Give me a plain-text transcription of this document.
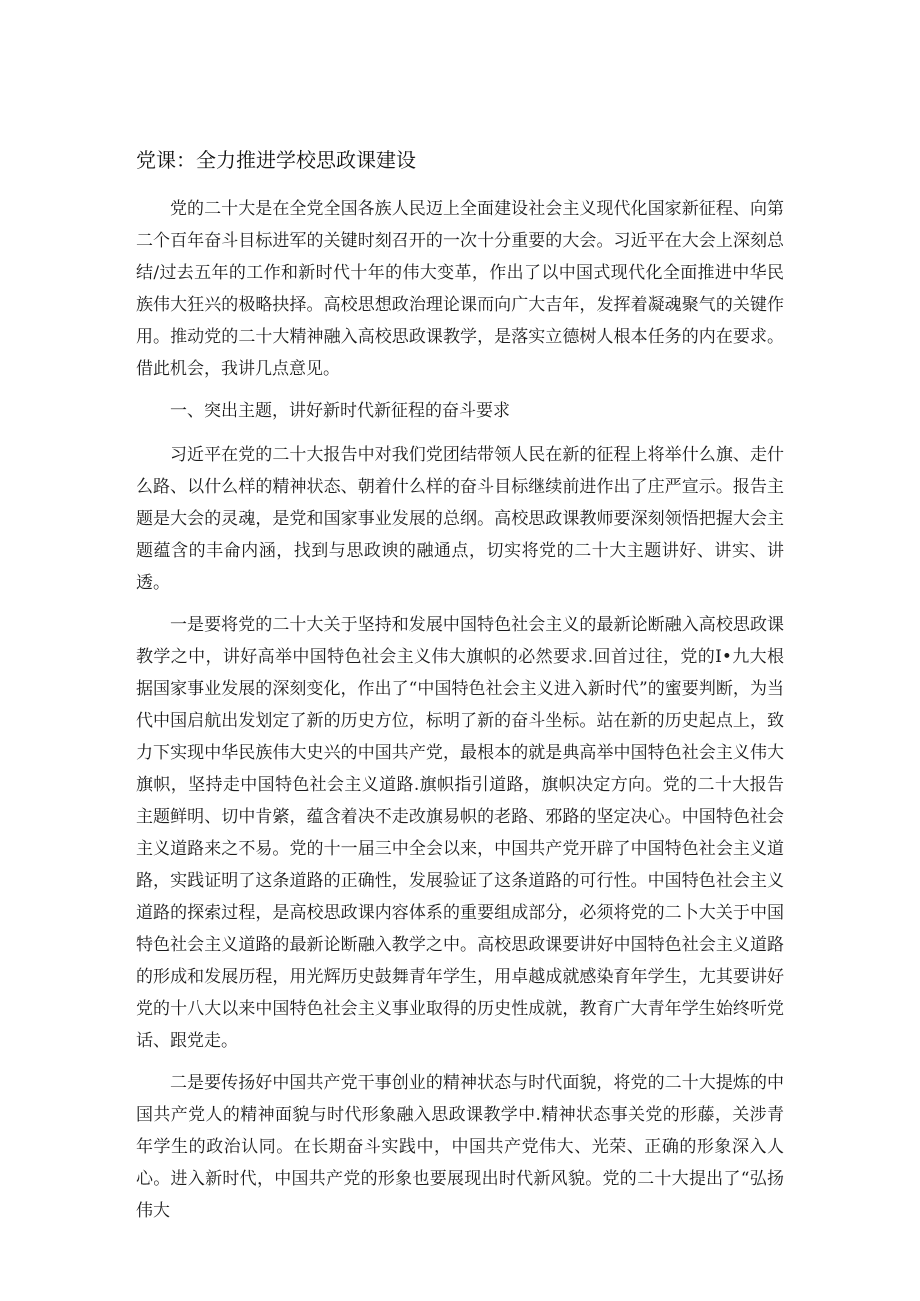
党课：全力推进学校思政课建设

党的二十大是在全党全国各族人民迈上全面建设社会主义现代化国家新征程、向第二个百年奋斗目标进军的关键时刻召开的一次十分重要的大会。习近平在大会上深刻总结/过去五年的工作和新时代十年的伟大变革，作出了以中国式现代化全面推进中华民族伟大狂兴的极略抉择。高校思想政治理论课而向广大吉年，发挥着凝魂聚气的关键作用。推动党的二十大精神融入高校思政课教学，是落实立德树人根本任务的内在要求。借此机会，我讲几点意见。

一、突出主题，讲好新时代新征程的奋斗要求

习近平在党的二十大报告中对我们党团结带领人民在新的征程上将举什么旗、走什么路、以什么样的精神状态、朝着什么样的奋斗目标继续前进作出了庄严宣示。报告主题是大会的灵魂，是党和国家事业发展的总纲。高校思政课教师要深刻领悟把握大会主题蕴含的丰侖内涵，找到与思政谀的融通点，切实将党的二十大主题讲好、讲实、讲透。

一是要将党的二十大关于坚持和发展中国特色社会主义的最新论断融入高校思政课教学之中，讲好高举中国特色社会主义伟大旗帜的必然要求.回首过往，党的I•九大根据国家事业发展的深刻变化，作出了“中国特色社会主义进入新时代”的蜜要判断，为当代中国启航出发划定了新的历史方位，标明了新的奋斗坐标。站在新的历史起点上，致力下实现中华民族伟大史兴的中国共产党，最根本的就是典高举中国特色社会主义伟大旗帜，坚持走中国特色社会主义道路.旗帜指引道路，旗帜决定方向。党的二十大报告主题鲜明、切中肯綮，蕴含着决不走改旗易帜的老路、邪路的坚定决心。中国特色社会主义道路来之不易。党的十一届三中全会以来，中国共产党开辟了中国特色社会主义道路，实践证明了这条道路的正确性，发展验证了这条道路的可行性。中国特色社会主义道路的探索过程，是高校思政课内容体系的重要组成部分，必须将党的二卜大关于中国特色社会主义道路的最新论断融入教学之中。高校思政课要讲好中国特色社会主义道路的形成和发展历程，用光辉历史鼓舞青年学生，用卓越成就感染育年学生，尢其要讲好党的十八大以来中国特色社会主义事业取得的历史性成就，教育广大青年学生始终听党话、跟党走。

二是要传扬好中国共产党干事创业的精神状态与时代面貌，将党的二十大提炼的中国共产党人的精神面貌与时代形象融入思政课教学中.精神状态事关党的形藤，关涉青年学生的政治认同。在长期奋斗实践中，中国共产党伟大、光荣、正确的形象深入人心。进入新时代，中国共产党的形象也要展现出时代新风貌。党的二十大提出了“弘扬伟大
